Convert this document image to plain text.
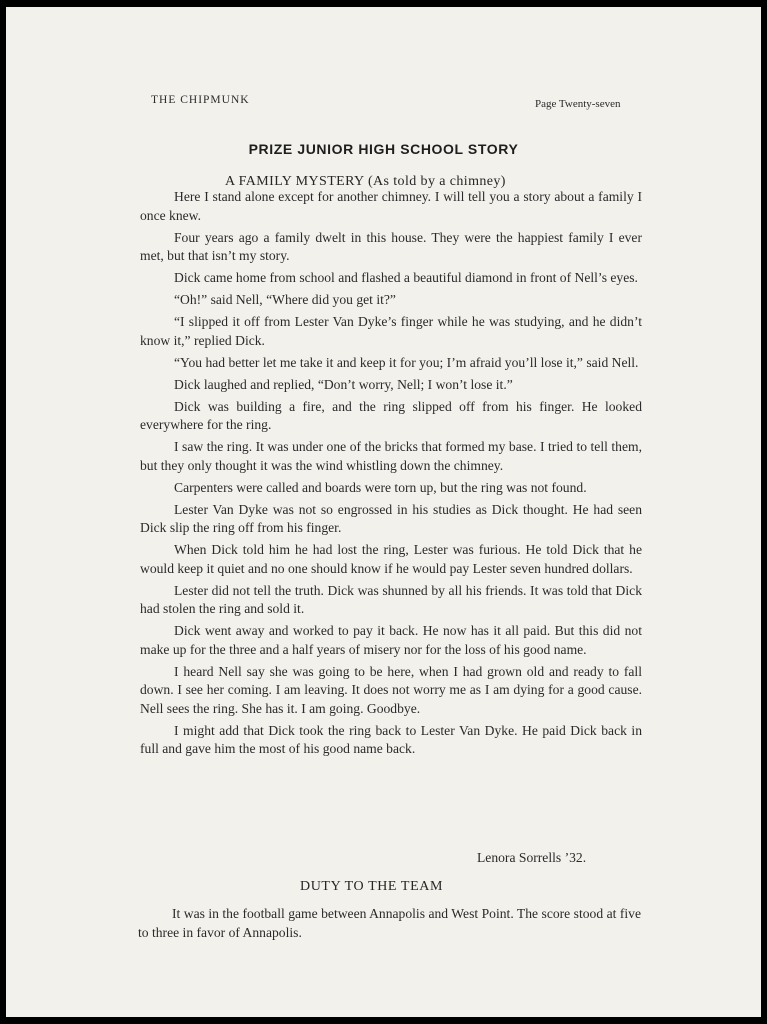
THE CHIPMUNK	Page Twenty-seven
PRIZE JUNIOR HIGH SCHOOL STORY
A FAMILY MYSTERY (As told by a chimney)

Here I stand alone except for another chimney. I will tell you a story about a family I once knew.

Four years ago a family dwelt in this house. They were the happiest family I ever met, but that isn’t my story.

Dick came home from school and flashed a beautiful diamond in front of Nell’s eyes.

“Oh!” said Nell, “Where did you get it?”

“I slipped it off from Lester Van Dyke’s finger while he was studying, and he didn’t know it,” replied Dick.

“You had better let me take it and keep it for you; I’m afraid you’ll lose it,” said Nell.

Dick laughed and replied, “Don’t worry, Nell; I won’t lose it.”

Dick was building a fire, and the ring slipped off from his finger. He looked everywhere for the ring.

I saw the ring. It was under one of the bricks that formed my base. I tried to tell them, but they only thought it was the wind whistling down the chimney.

Carpenters were called and boards were torn up, but the ring was not found.

Lester Van Dyke was not so engrossed in his studies as Dick thought. He had seen Dick slip the ring off from his finger.

When Dick told him he had lost the ring, Lester was furious. He told Dick that he would keep it quiet and no one should know if he would pay Lester seven hundred dollars.

Lester did not tell the truth. Dick was shunned by all his friends. It was told that Dick had stolen the ring and sold it.

Dick went away and worked to pay it back. He now has it all paid. But this did not make up for the three and a half years of misery nor for the loss of his good name.

I heard Nell say she was going to be here, when I had grown old and ready to fall down. I see her coming. I am leaving. It does not worry me as I am dying for a good cause. Nell sees the ring. She has it. I am going. Goodbye.

I might add that Dick took the ring back to Lester Van Dyke. He paid Dick back in full and gave him the most of his good name back.

Lenora Sorrells ’32.
DUTY TO THE TEAM

It was in the football game between Annapolis and West Point. The score stood at five to three in favor of Annapolis.
